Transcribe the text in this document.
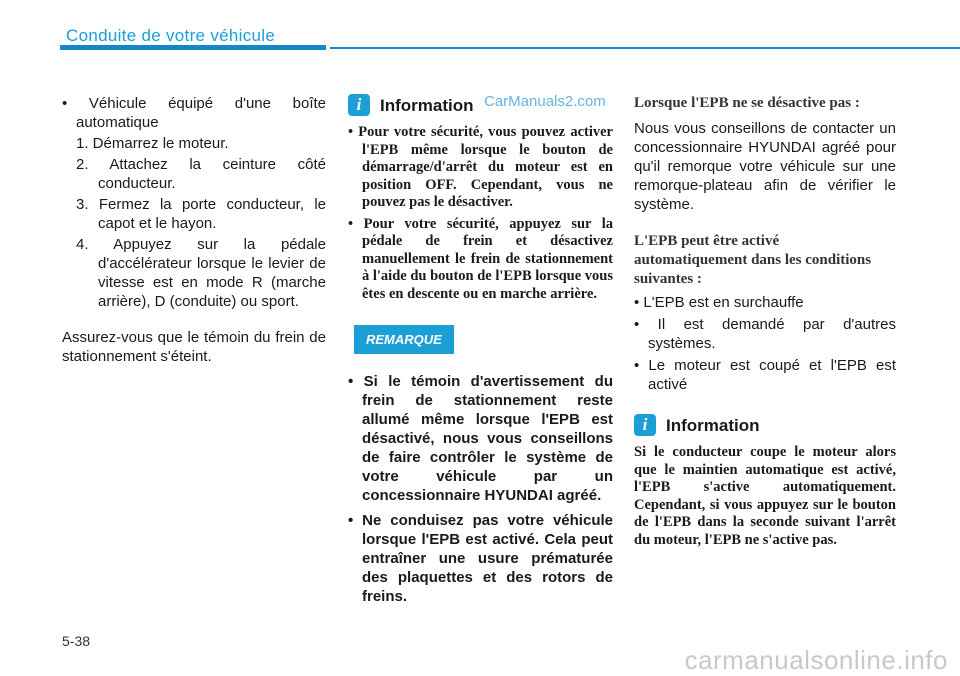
Conduite de votre véhicule

• Véhicule équipé d'une boîte automatique

1. Démarrez le moteur.

2. Attachez la ceinture côté conducteur.

3. Fermez la porte conducteur, le capot et le hayon.

4. Appuyez sur la pédale d'accélérateur lorsque le levier de vitesse est en mode R (marche arrière), D (conduite) ou sport.

Assurez-vous que le témoin du frein de stationnement s'éteint.

i	Information CarManuals2.com

• Pour votre sécurité, vous pouvez activer l'EPB même lorsque le bouton de démarrage/d'arrêt du moteur est en position OFF. Cependant, vous ne pouvez pas le désactiver.

• Pour votre sécurité, appuyez sur la pédale de frein et désactivez manuellement le frein de stationnement à l'aide du bouton de l'EPB lorsque vous êtes en descente ou en marche arrière.

REMARQUE

• Si le témoin d'avertissement du frein de stationnement reste allumé même lorsque l'EPB est désactivé, nous vous conseillons de faire contrôler le système de votre véhicule par un concessionnaire HYUNDAI agréé.

• Ne conduisez pas votre véhicule lorsque l'EPB est activé. Cela peut entraîner une usure prématurée des plaquettes et des rotors de freins.

Lorsque l'EPB ne se désactive pas :

Nous vous conseillons de contacter un concessionnaire HYUNDAI agréé pour qu'il remorque votre véhicule sur une remorque-plateau afin de vérifier le système.

L'EPB peut être activé automatiquement dans les conditions suivantes :

• L'EPB est en surchauffe

• Il est demandé par d'autres systèmes.

• Le moteur est coupé et l'EPB est activé

i	Information

Si le conducteur coupe le moteur alors que le maintien automatique est activé, l'EPB s'active automatiquement. Cependant, si vous appuyez sur le bouton de l'EPB dans la seconde suivant l'arrêt du moteur, l'EPB ne s'active pas.

5-38
carmanualsonline.info
